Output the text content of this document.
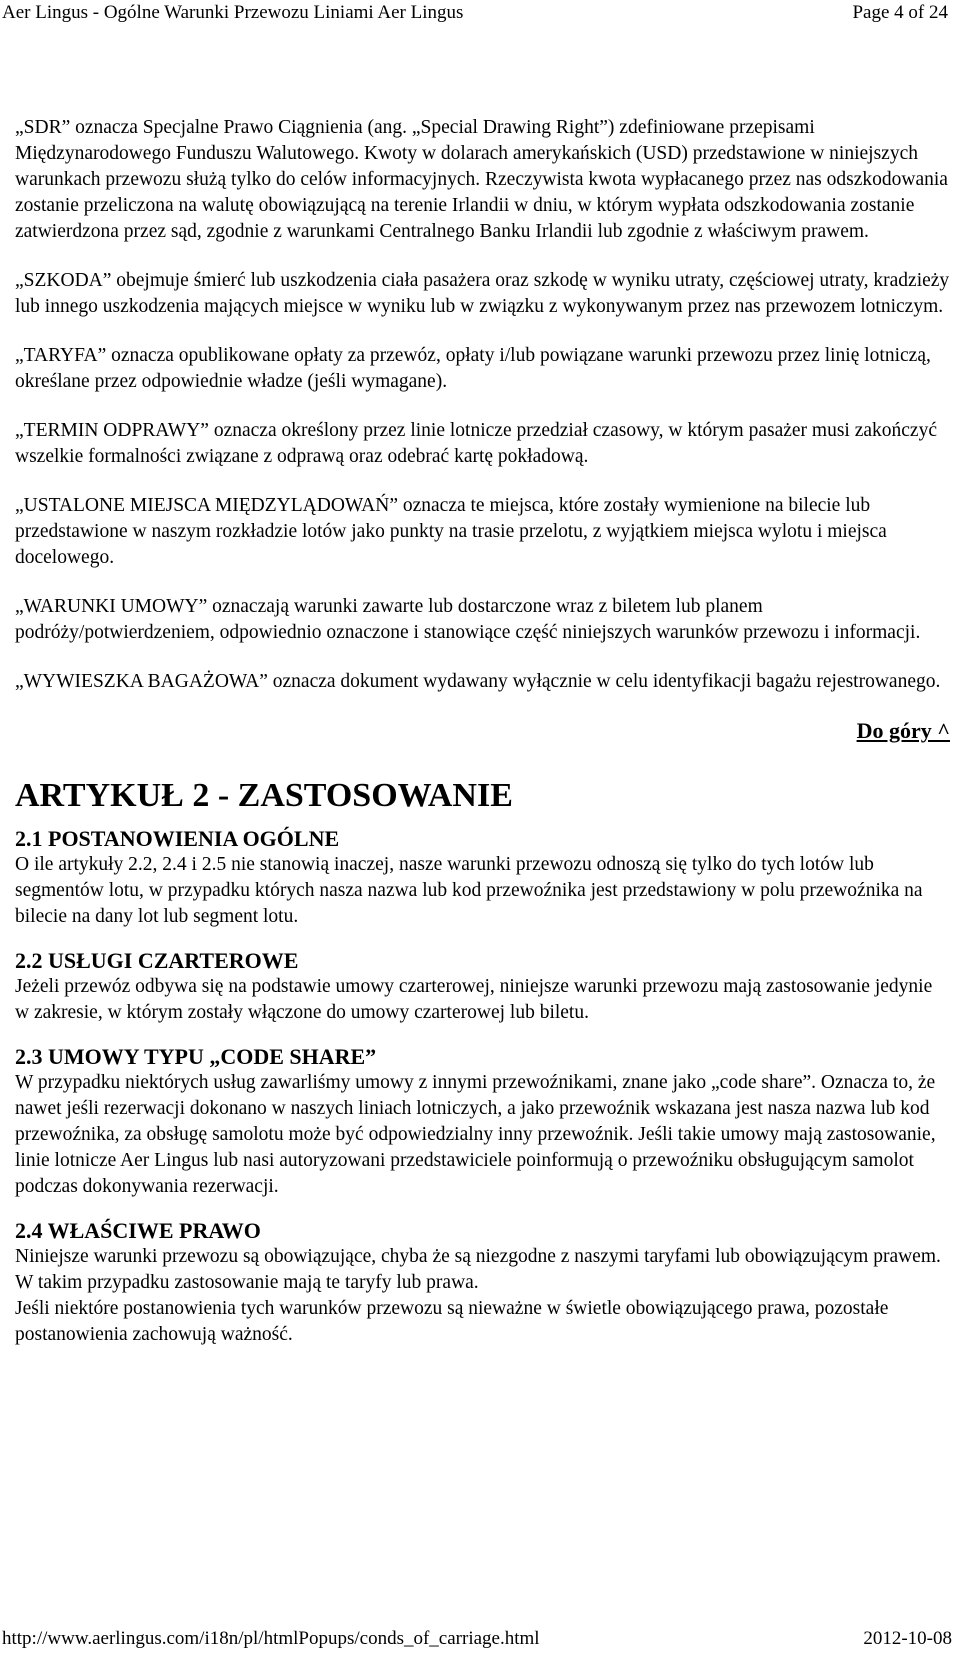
Aer Lingus - Ogólne Warunki Przewozu Liniami Aer Lingus	Page 4 of 24

„SDR” oznacza Specjalne Prawo Ciągnienia (ang. „Special Drawing Right”) zdefiniowane przepisami Międzynarodowego Funduszu Walutowego. Kwoty w dolarach amerykańskich (USD) przedstawione w niniejszych warunkach przewozu służą tylko do celów informacyjnych. Rzeczywista kwota wypłacanego przez nas odszkodowania zostanie przeliczona na walutę obowiązującą na terenie Irlandii w dniu, w którym wypłata odszkodowania zostanie zatwierdzona przez sąd, zgodnie z warunkami Centralnego Banku Irlandii lub zgodnie z właściwym prawem.

„SZKODA” obejmuje śmierć lub uszkodzenia ciała pasażera oraz szkodę w wyniku utraty, częściowej utraty, kradzieży lub innego uszkodzenia mających miejsce w wyniku lub w związku z wykonywanym przez nas przewozem lotniczym.

„TARYFA” oznacza opublikowane opłaty za przewóz, opłaty i/lub powiązane warunki przewozu przez linię lotniczą, określane przez odpowiednie władze (jeśli wymagane).

„TERMIN ODPRAWY” oznacza określony przez linie lotnicze przedział czasowy, w którym pasażer musi zakończyć wszelkie formalności związane z odprawą oraz odebrać kartę pokładową.

„USTALONE MIEJSCA MIĘDZYLĄDOWAŃ” oznacza te miejsca, które zostały wymienione na bilecie lub przedstawione w naszym rozkładzie lotów jako punkty na trasie przelotu, z wyjątkiem miejsca wylotu i miejsca docelowego.

„WARUNKI UMOWY” oznaczają warunki zawarte lub dostarczone wraz z biletem lub planem podróży/potwierdzeniem, odpowiednio oznaczone i stanowiące część niniejszych warunków przewozu i informacji.

„WYWIESZKA BAGAŻOWA” oznacza dokument wydawany wyłącznie w celu identyfikacji bagażu rejestrowanego.

Do góry ^
ARTYKUŁ 2 - ZASTOSOWANIE
2.1 POSTANOWIENIA OGÓLNE

O ile artykuły 2.2, 2.4 i 2.5 nie stanowią inaczej, nasze warunki przewozu odnoszą się tylko do tych lotów lub segmentów lotu, w przypadku których nasza nazwa lub kod przewoźnika jest przedstawiony w polu przewoźnika na bilecie na dany lot lub segment lotu.

2.2 USŁUGI CZARTEROWE

Jeżeli przewóz odbywa się na podstawie umowy czarterowej, niniejsze warunki przewozu mają zastosowanie jedynie w zakresie, w którym zostały włączone do umowy czarterowej lub biletu.

2.3 UMOWY TYPU „CODE SHARE”

W przypadku niektórych usług zawarliśmy umowy z innymi przewoźnikami, znane jako „code share”. Oznacza to, że nawet jeśli rezerwacji dokonano w naszych liniach lotniczych, a jako przewoźnik wskazana jest nasza nazwa lub kod przewoźnika, za obsługę samolotu może być odpowiedzialny inny przewoźnik. Jeśli takie umowy mają zastosowanie, linie lotnicze Aer Lingus lub nasi autoryzowani przedstawiciele poinformują o przewoźniku obsługującym samolot podczas dokonywania rezerwacji.

2.4 WŁAŚCIWE PRAWO

Niniejsze warunki przewozu są obowiązujące, chyba że są niezgodne z naszymi taryfami lub obowiązującym prawem. W takim przypadku zastosowanie mają te taryfy lub prawa.

Jeśli niektóre postanowienia tych warunków przewozu są nieważne w świetle obowiązującego prawa, pozostałe postanowienia zachowują ważność.

http://www.aerlingus.com/i18n/pl/htmlPopups/conds_of_carriage.html	2012-10-08
